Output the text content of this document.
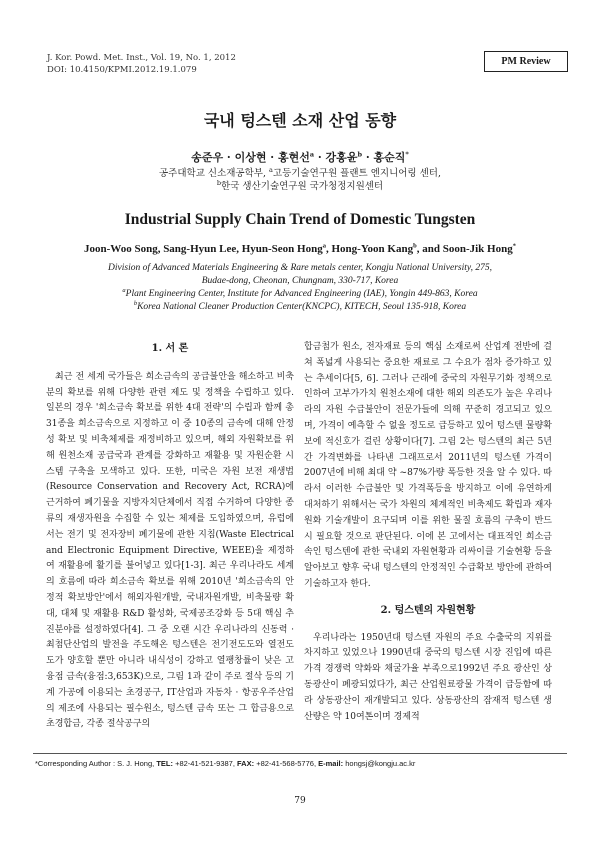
J. Kor. Powd. Met. Inst., Vol. 19, No. 1, 2012
DOI: 10.4150/KPMI.2012.19.1.079
PM Review
국내 텅스텐 소재 산업 동향
송준우 · 이상현 · 홍현선$^a$ · 강홍윤$^b$ · 홍순직*
공주대학교 신소재공학부, $^a$고등기술연구원 플랜트 엔지니어링 센터,
$^b$한국 생산기술연구원 국가청정지원센터
Industrial Supply Chain Trend of Domestic Tungsten
Joon-Woo Song, Sang-Hyun Lee, Hyun-Seon Hong$^a$, Hong-Yoon Kang$^b$, and Soon-Jik Hong*
Division of Advanced Materials Engineering & Rare metals center, Kongju National University, 275,
Budae-dong, Cheonan, Chungnam, 330-717, Korea
$^a$Plant Engineering Center, Institute for Advanced Engineering (IAE), Yongin 449-863, Korea
$^b$Korea National Cleaner Production Center(KNCPC), KITECH, Seoul 135-918, Korea
1. 서 론

최근 전 세계 국가들은 희소금속의 공급불안을 해소하고 비축 분의 확보를 위해 다양한 관련 제도 및 정책을 수립하고 있다. 일본의 경우 '희소금속 확보를 위한 4대 전략'의 수립과 함께 총 31종을 희소금속으로 지정하고 이 중 10종의 금속에 대해 안정성 확보 및 비축체제를 재정비하고 있으며, 해외 자원확보를 위해 원천소재 공급국과 관계를 강화하고 재활용 및 자원순환 시스템 구축을 모색하고 있다. 또한, 미국은 자원 보전 재생법(Resource Conservation and Recovery Act, RCRA)에 근거하여 폐기물을 지방자치단체에서 직접 수거하여 다양한 종류의 재생자원을 수집할 수 있는 체제를 도입하였으며, 유럽에서는 전기 및 전자장비 폐기물에 관한 지침(Waste Electrical and Electronic Equipment Directive, WEEE)을 제정하여 재활용에 활기를 불어넣고 있다[1-3]. 최근 우리나라도 세계의 흐름에 따라 희소금속 확보를 위해 2010년 '희소금속의 안정적 확보방안'에서 해외자원개발, 국내자원개발, 비축물량 확대, 대체 및 재활용 R&D 활성화, 국제공조강화 등 5대 핵심 추진분야를 설정하였다[4]. 그 중 오랜 시간 우리나라의 신동력 · 최첨단산업의 발전을 주도해온 텅스텐은 전기전도도와 열전도도가 양호할 뿐만 아니라 내식성이 강하고 열팽창률이 낮은 고융점 금속(융점:3,653K)으로, 그림 1과 같이 주로 절삭 등의 기계 가공에 이용되는 초경공구, IT산업과 자동차 · 항공우주산업의 제조에 사용되는 필수원소, 텅스텐 금속 또는 그 합금용으로 초경합금, 각종 절삭공구의

합금첨가 원소, 전자재료 등의 핵심 소재로써 산업계 전반에 걸쳐 폭넓게 사용되는 중요한 재료로 그 수요가 점차 증가하고 있는 추세이다[5, 6]. 그러나 근래에 중국의 자원무기화 정책으로 인하여 고부가가치 원천소재에 대한 해외 의존도가 높은 우리나라의 자원 수급불안이 전문가들에 의해 꾸준히 경고되고 있으며, 가격이 예측할 수 없을 정도로 급등하고 있어 텅스텐 물량확보에 적신호가 걸린 상황이다[7]. 그림 2는 텅스텐의 최근 5년간 가격변화를 나타낸 그래프로서 2011년의 텅스텐 가격이 2007년에 비해 최대 약 ~87%가량 폭등한 것을 알 수 있다. 따라서 이러한 수급불안 및 가격폭등을 방지하고 이에 유연하게 대처하기 위해서는 국가 차원의 체계적인 비축제도 확립과 재자원화 기술개발이 요구되며 이를 위한 물질 흐름의 구축이 반드시 필요할 것으로 판단된다. 이에 본 고에서는 대표적인 희소금속인 텅스텐에 관한 국내외 자원현황과 리싸이클 기술현황 등을 알아보고 향후 국내 텅스텐의 안정적인 수급확보 방안에 관하여 기술하고자 한다.

2. 텅스텐의 자원현황

우리나라는 1950년대 텅스텐 자원의 주요 수출국의 지위를 차지하고 있었으나 1990년대 중국의 텅스텐 시장 진입에 따른 가격 경쟁력 약화와 채굴가율 부족으로1992년 주요 광산인 상동광산이 폐광되었다가, 최근 산업원료광물 가격이 급등함에 따라 상동광산이 재개발되고 있다. 상동광산의 잠재적 텅스텐 생산량은 약 10여톤이며 경제적

*Corresponding Author : S. J. Hong, TEL: +82-41-521-9387, FAX: +82-41-568-5776, E-mail: hongsj@kongju.ac.kr
79
